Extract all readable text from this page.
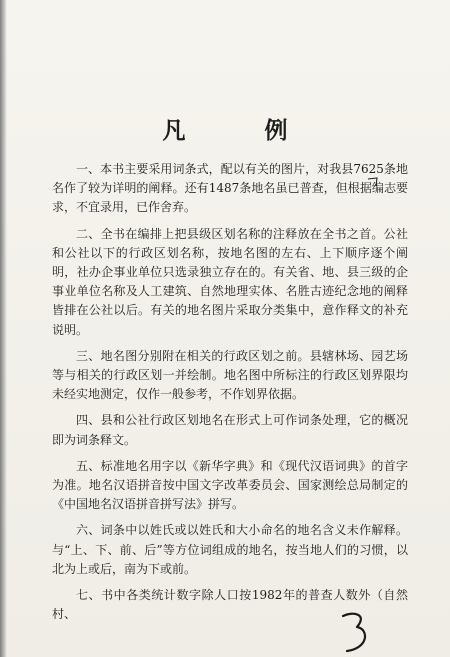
凡　例

一、本书主要采用词条式，配以有关的图片，对我县7625条地名作了较为详明的阐释。还有1487条地名虽已普查，但根据编志要求，不宜录用，已作舍弃。

二、全书在编排上把县级区划名称的注释放在全书之首。公社和公社以下的行政区划名称，按地名图的左右、上下顺序逐个阐明，社办企事业单位只选录独立存在的。有关省、地、县三级的企事业单位名称及人工建筑、自然地理实体、名胜古迹纪念地的阐释皆排在公社以后。有关的地名图片采取分类集中，意作释文的补充说明。

三、地名图分别附在相关的行政区划之前。县辖林场、园艺场等与相关的行政区划一并绘制。地名图中所标注的行政区划界限均未经实地测定，仅作一般参考，不作划界依据。

四、县和公社行政区划地名在形式上可作词条处理，它的概况即为词条释文。

五、标准地名用字以《新华字典》和《现代汉语词典》的首字为准。地名汉语拼音按中国文字改革委员会、国家测绘总局制定的《中国地名汉语拼音拼写法》拼写。

六、词条中以姓氏或以姓氏和大小命名的地名含义未作解释。与“上、下、前、后”等方位词组成的地名，按当地人们的习惯，以北为上或后，南为下或前。

七、书中各类统计数字除人口按1982年的普查人数外（自然村、
